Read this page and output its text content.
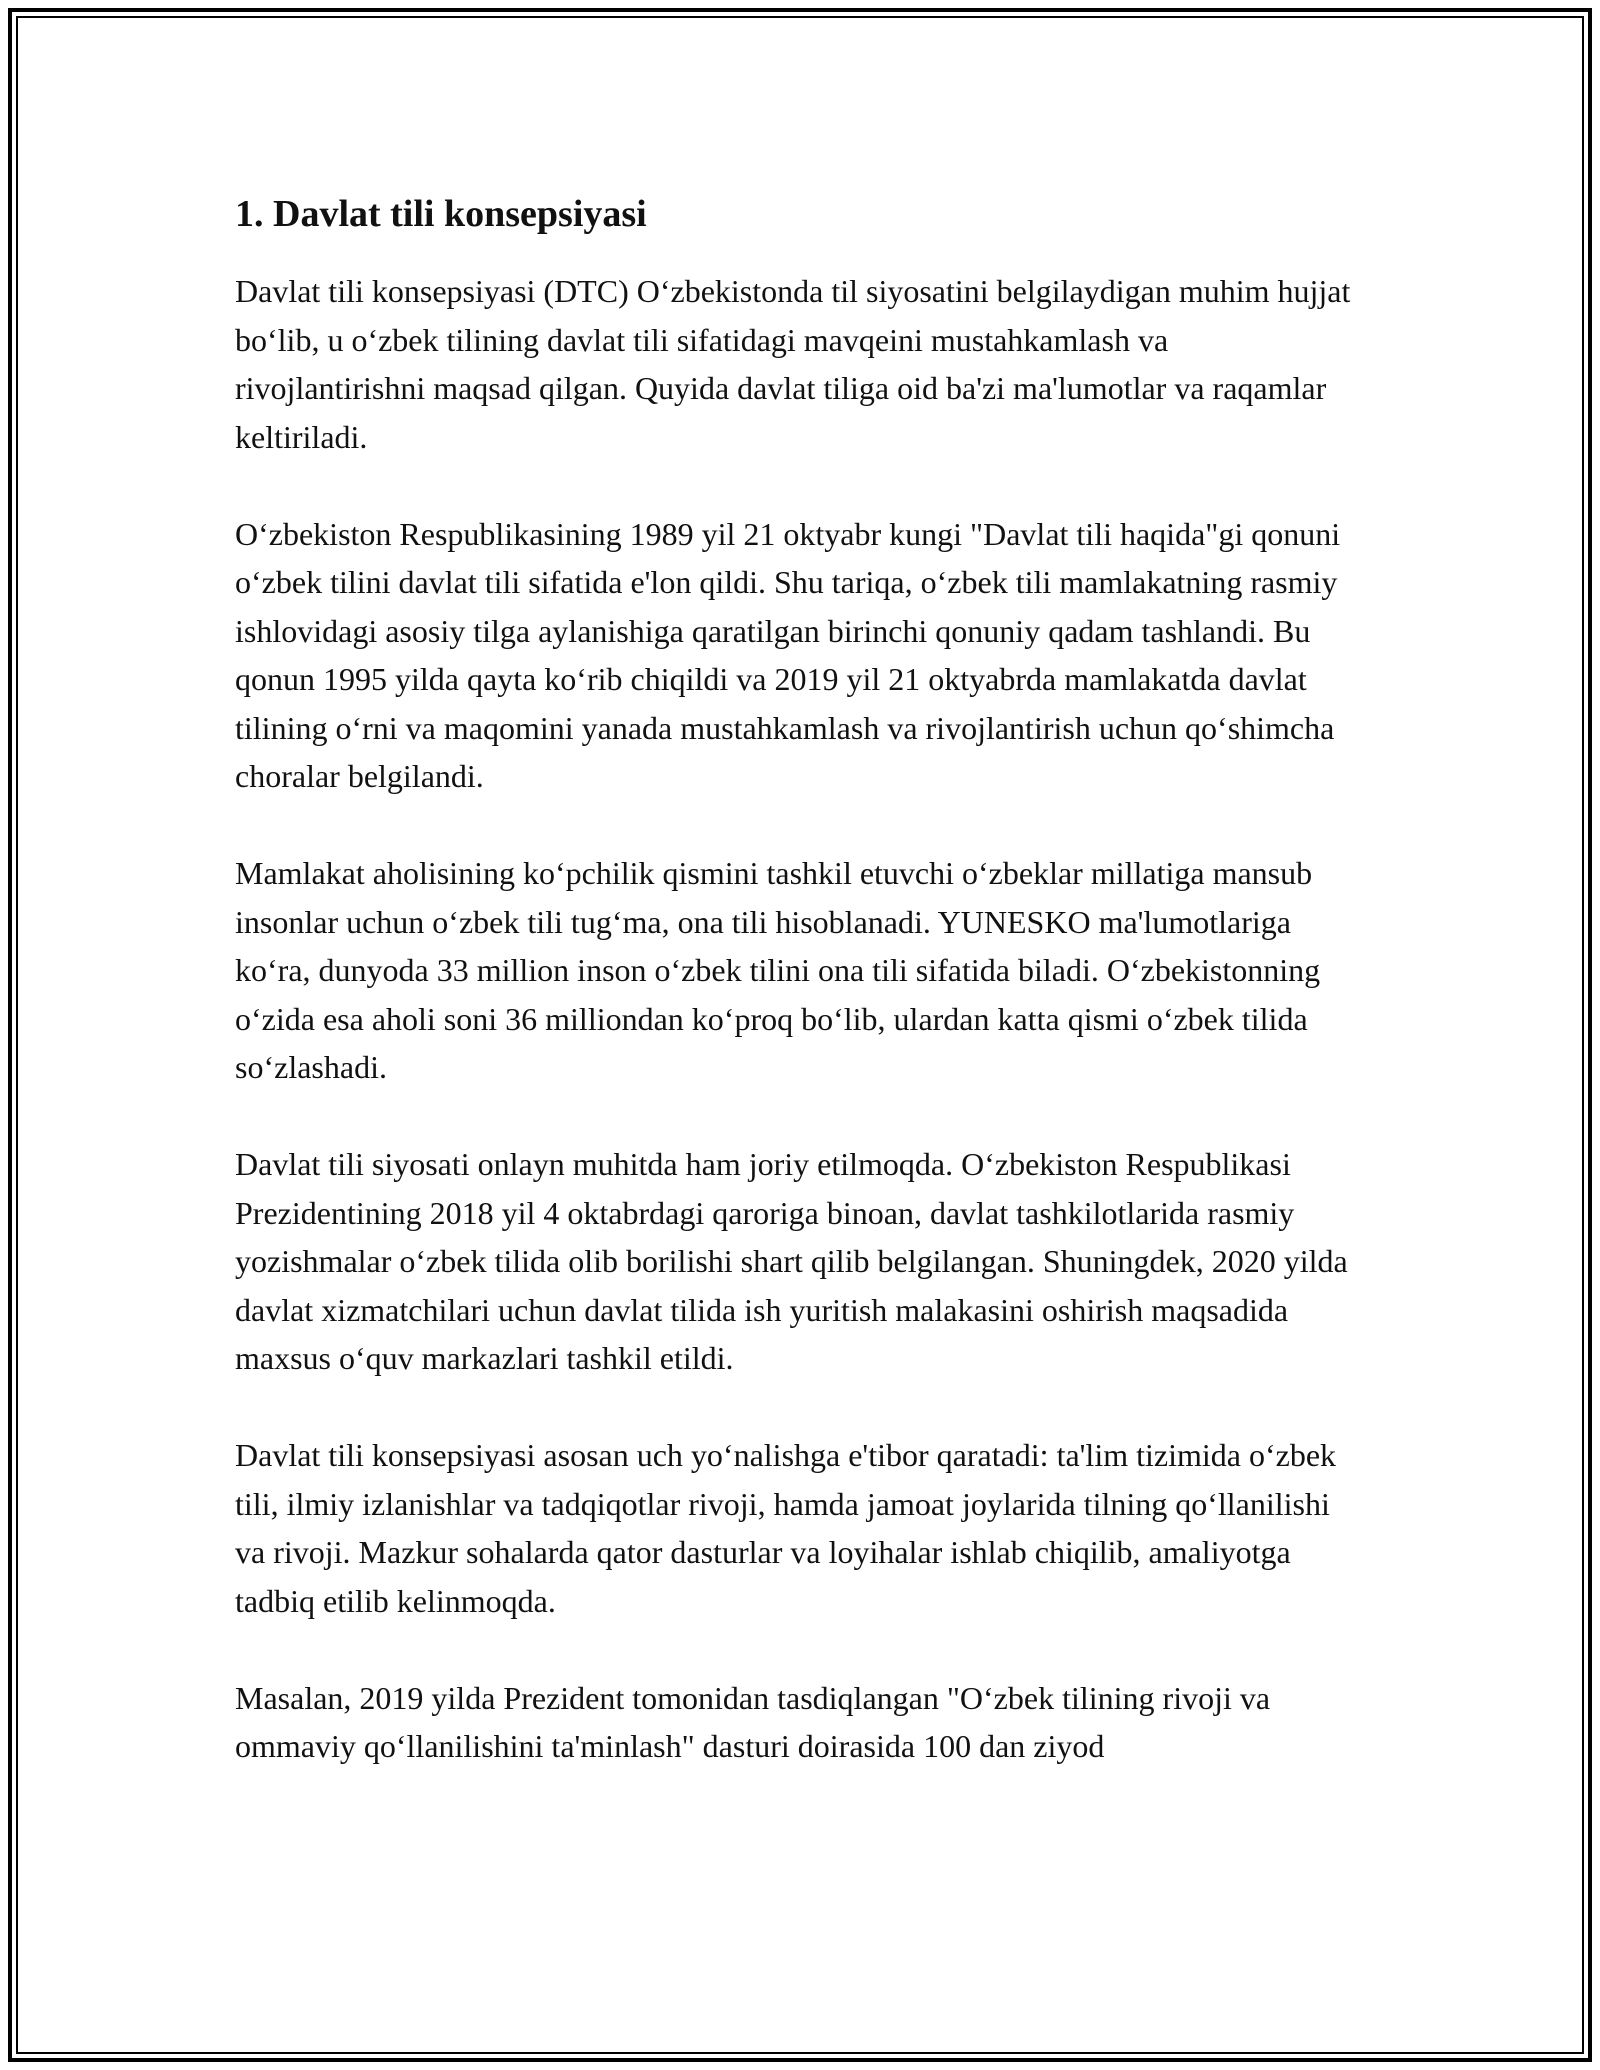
1. Davlat tili konsepsiyasi

Davlat tili konsepsiyasi (DTC) Oʻzbekistonda til siyosatini belgilaydigan muhim hujjat boʻlib, u oʻzbek tilining davlat tili sifatidagi mavqeini mustahkamlash va rivojlantirishni maqsad qilgan. Quyida davlat tiliga oid ba'zi ma'lumotlar va raqamlar keltiriladi.

Oʻzbekiston Respublikasining 1989 yil 21 oktyabr kungi "Davlat tili haqida"gi qonuni oʻzbek tilini davlat tili sifatida e'lon qildi. Shu tariqa, oʻzbek tili mamlakatning rasmiy ishlovidagi asosiy tilga aylanishiga qaratilgan birinchi qonuniy qadam tashlandi. Bu qonun 1995 yilda qayta koʻrib chiqildi va 2019 yil 21 oktyabrda mamlakatda davlat tilining oʻrni va maqomini yanada mustahkamlash va rivojlantirish uchun qoʻshimcha choralar belgilandi.

Mamlakat aholisining koʻpchilik qismini tashkil etuvchi oʻzbeklar millatiga mansub insonlar uchun oʻzbek tili tugʻma, ona tili hisoblanadi. YUNESKO ma'lumotlariga koʻra, dunyoda 33 million inson oʻzbek tilini ona tili sifatida biladi. Oʻzbekistonning oʻzida esa aholi soni 36 milliondan koʻproq boʻlib, ulardan katta qismi oʻzbek tilida soʻzlashadi.

Davlat tili siyosati onlayn muhitda ham joriy etilmoqda. Oʻzbekiston Respublikasi Prezidentining 2018 yil 4 oktabrdagi qaroriga binoan, davlat tashkilotlarida rasmiy yozishmalar oʻzbek tilida olib borilishi shart qilib belgilangan. Shuningdek, 2020 yilda davlat xizmatchilari uchun davlat tilida ish yuritish malakasini oshirish maqsadida maxsus oʻquv markazlari tashkil etildi.

Davlat tili konsepsiyasi asosan uch yoʻnalishga e'tibor qaratadi: ta'lim tizimida oʻzbek tili, ilmiy izlanishlar va tadqiqotlar rivoji, hamda jamoat joylarida tilning qoʻllanilishi va rivoji. Mazkur sohalarda qator dasturlar va loyihalar ishlab chiqilib, amaliyotga tadbiq etilib kelinmoqda.

Masalan, 2019 yilda Prezident tomonidan tasdiqlangan "Oʻzbek tilining rivoji va ommaviy qoʻllanilishini ta'minlash" dasturi doirasida 100 dan ziyod
